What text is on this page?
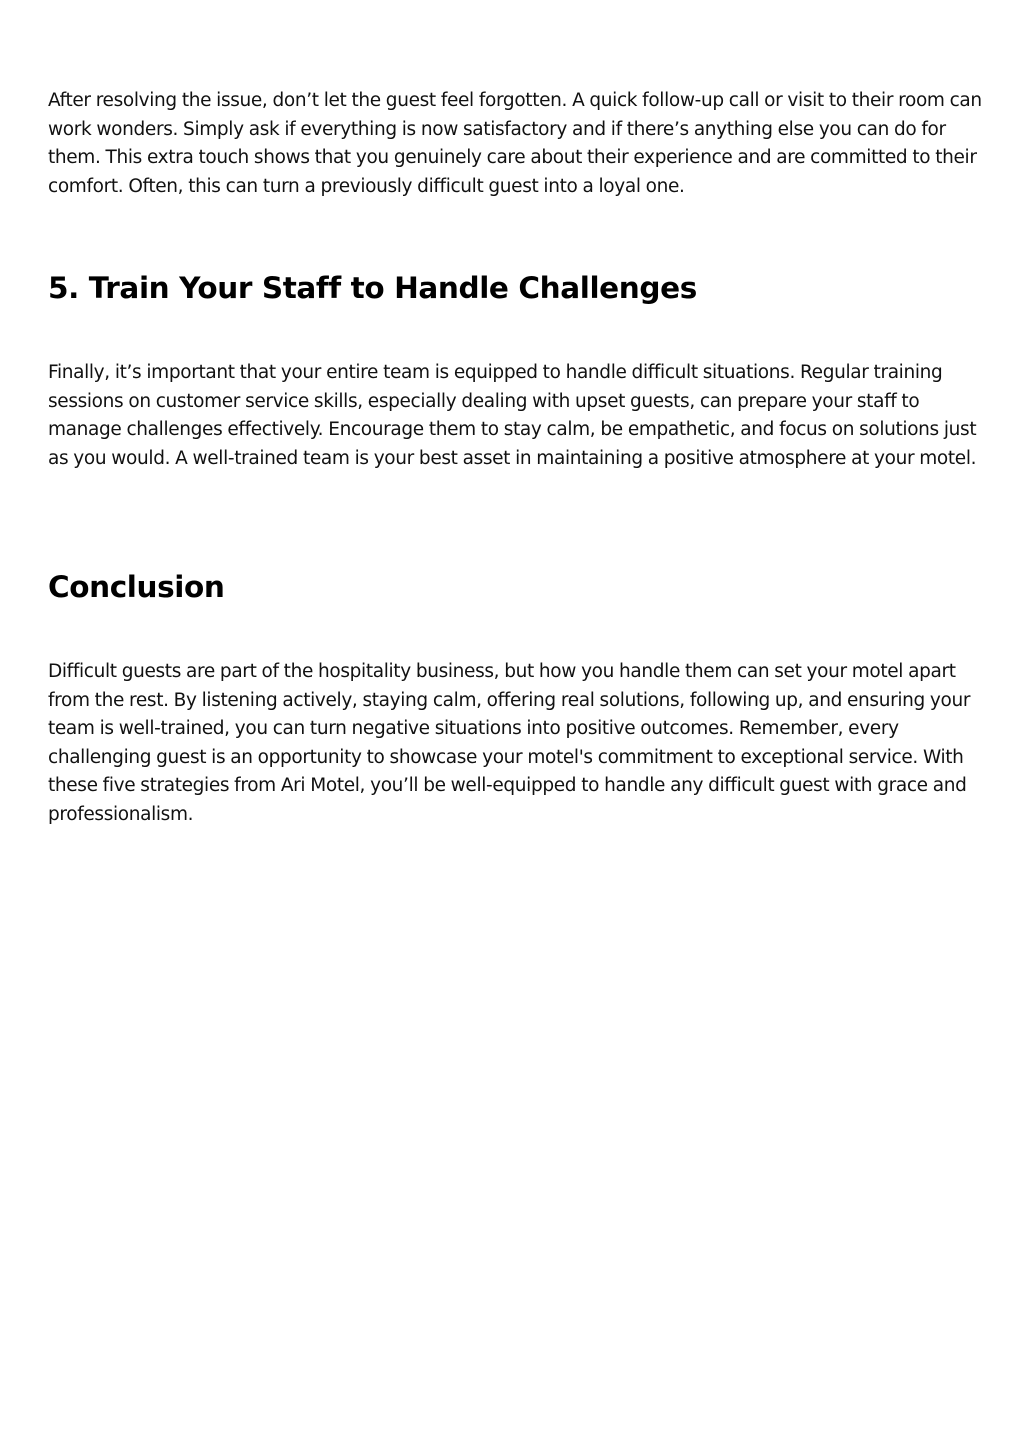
After resolving the issue, don’t let the guest feel forgotten. A quick follow-up call or visit to their room can work wonders. Simply ask if everything is now satisfactory and if there’s anything else you can do for them. This extra touch shows that you genuinely care about their experience and are committed to their comfort. Often, this can turn a previously difficult guest into a loyal one.

5. Train Your Staff to Handle Challenges

Finally, it’s important that your entire team is equipped to handle difficult situations. Regular training sessions on customer service skills, especially dealing with upset guests, can prepare your staff to manage challenges effectively. Encourage them to stay calm, be empathetic, and focus on solutions just as you would. A well-trained team is your best asset in maintaining a positive atmosphere at your motel.

Conclusion

Difficult guests are part of the hospitality business, but how you handle them can set your motel apart from the rest. By listening actively, staying calm, offering real solutions, following up, and ensuring your team is well-trained, you can turn negative situations into positive outcomes. Remember, every challenging guest is an opportunity to showcase your motel's commitment to exceptional service. With these five strategies from Ari Motel, you’ll be well-equipped to handle any difficult guest with grace and professionalism.
